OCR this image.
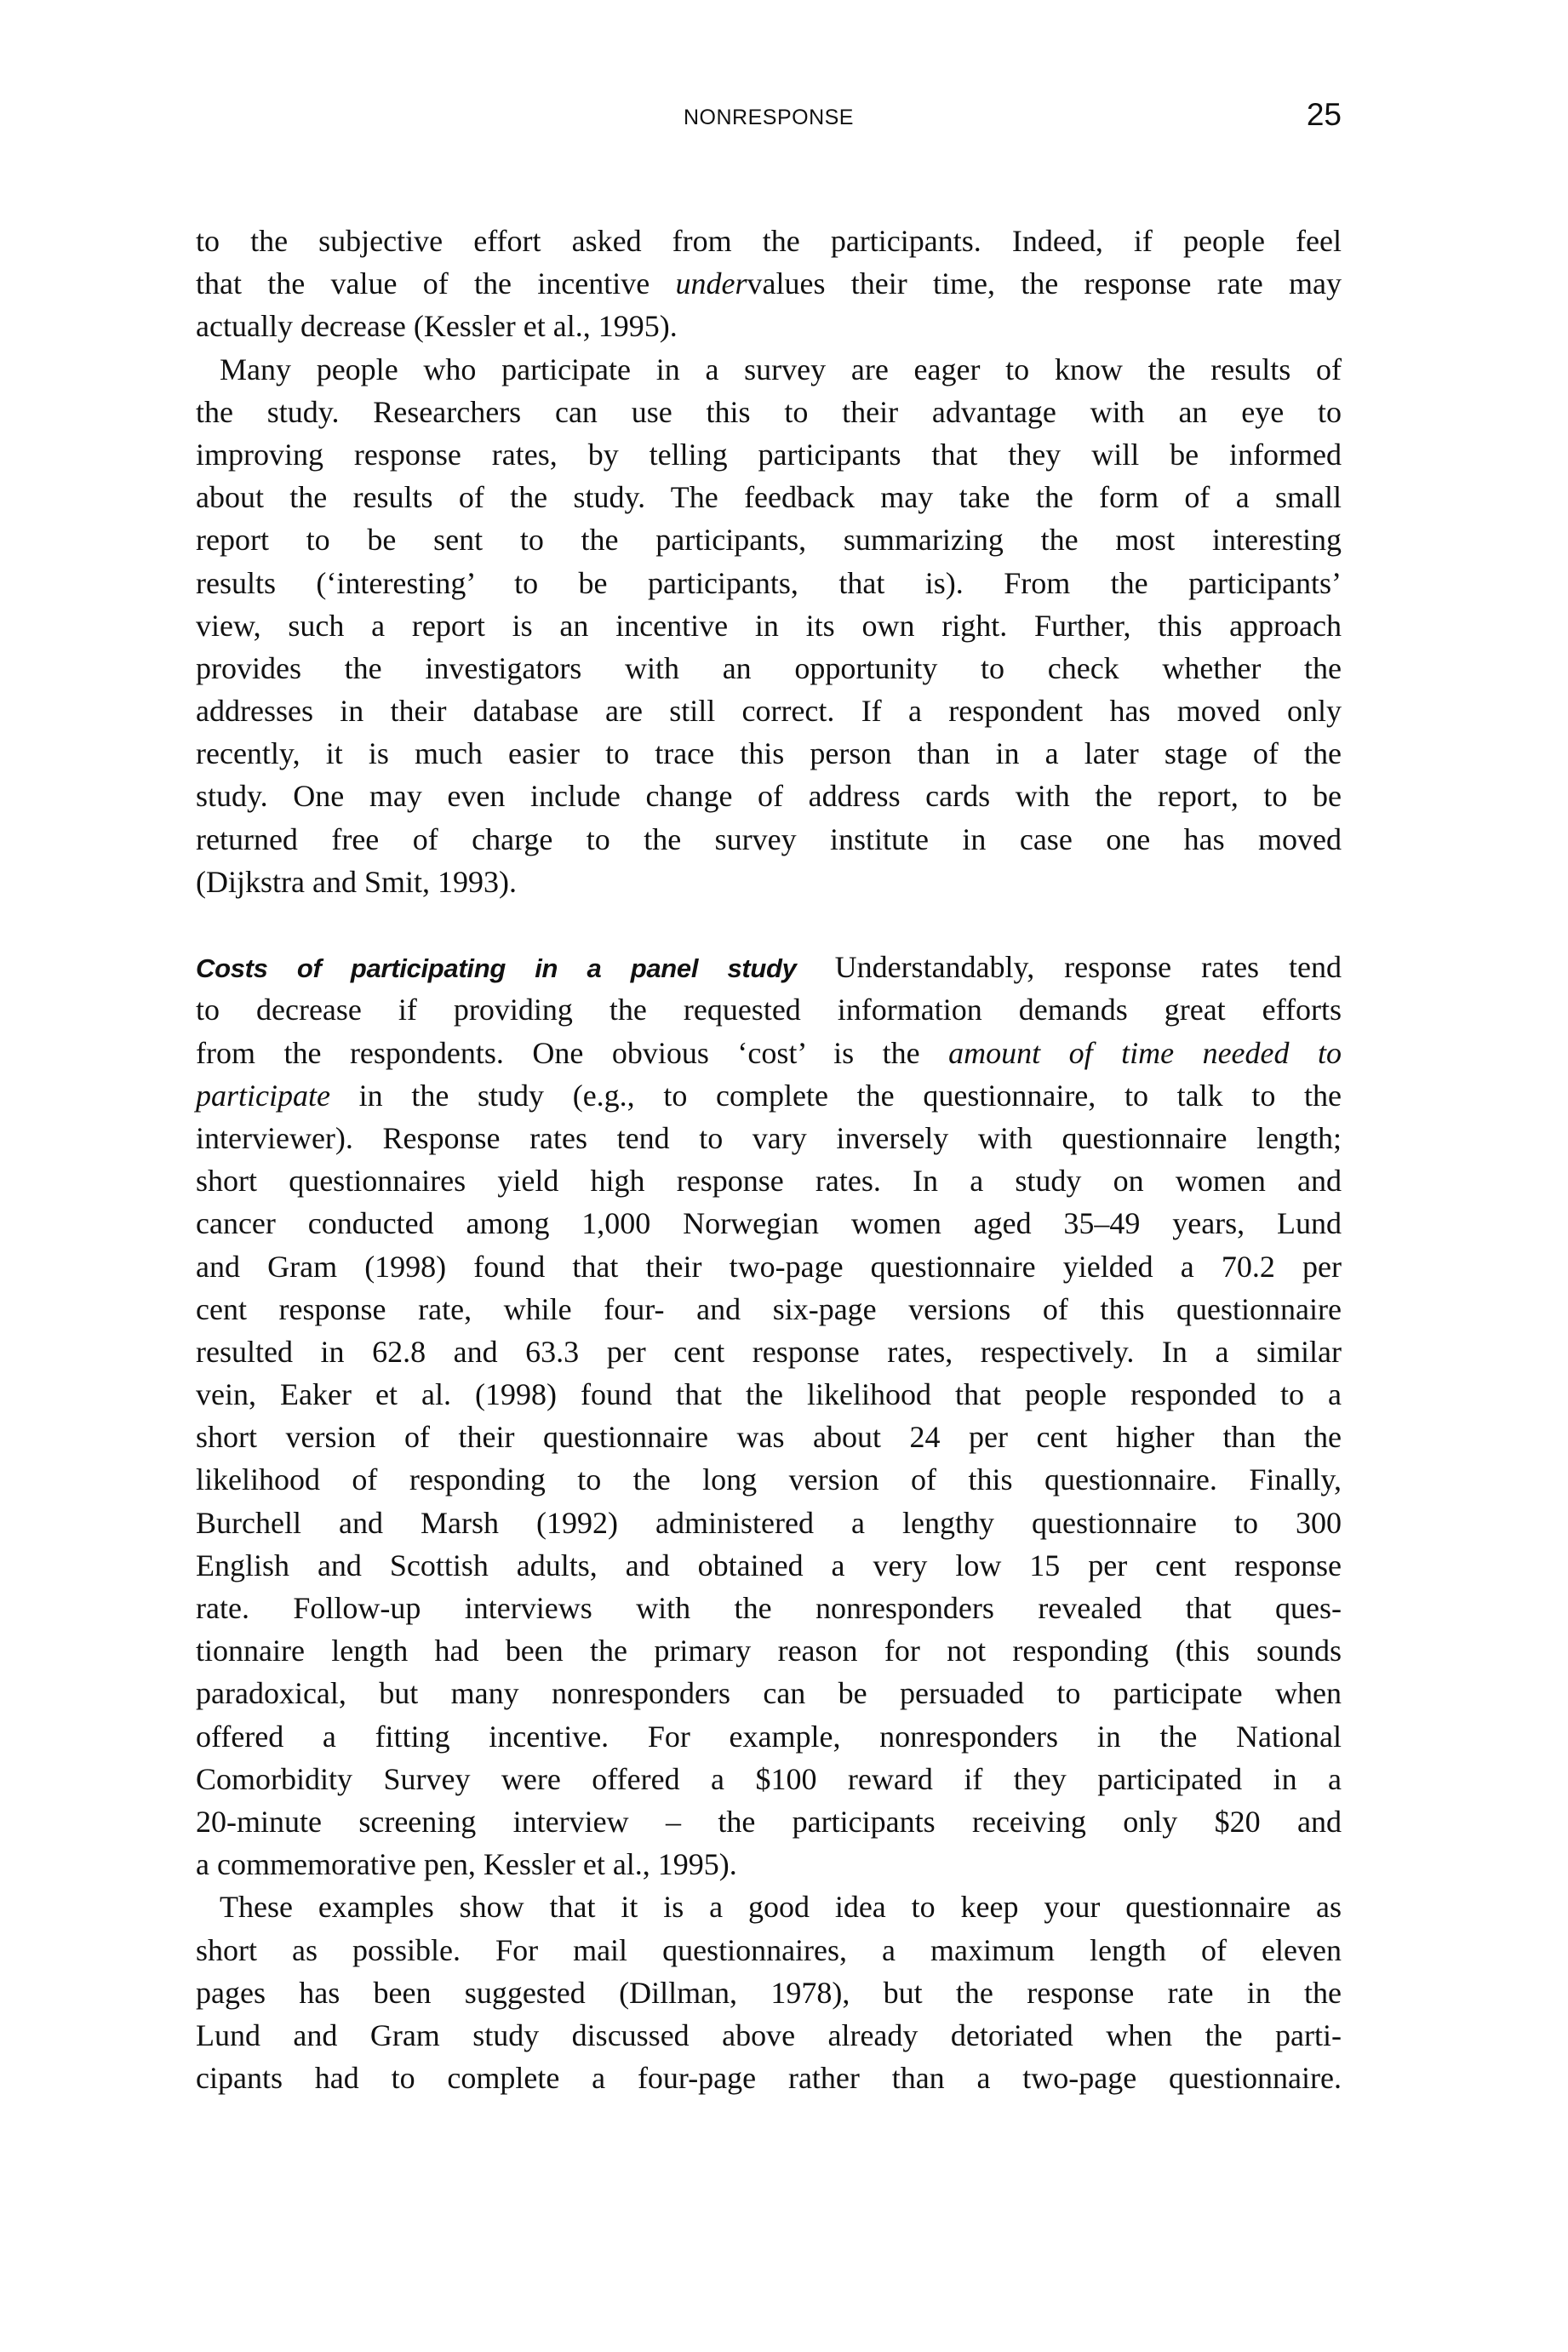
NONRESPONSE	25
to the subjective effort asked from the participants. Indeed, if people feel
that the value of the incentive undervalues their time, the response rate may
actually decrease (Kessler et al., 1995).
Many people who participate in a survey are eager to know the results of
the study. Researchers can use this to their advantage with an eye to
improving response rates, by telling participants that they will be informed
about the results of the study. The feedback may take the form of a small
report to be sent to the participants, summarizing the most interesting
results (‘interesting’ to be participants, that is). From the participants’
view, such a report is an incentive in its own right. Further, this approach
provides the investigators with an opportunity to check whether the
addresses in their database are still correct. If a respondent has moved only
recently, it is much easier to trace this person than in a later stage of the
study. One may even include change of address cards with the report, to be
returned free of charge to the survey institute in case one has moved
(Dijkstra and Smit, 1993).
Costs of participating in a panel study Understandably, response rates tend
to decrease if providing the requested information demands great efforts
from the respondents. One obvious ‘cost’ is the amount of time needed to
participate in the study (e.g., to complete the questionnaire, to talk to the
interviewer). Response rates tend to vary inversely with questionnaire length;
short questionnaires yield high response rates. In a study on women and
cancer conducted among 1,000 Norwegian women aged 35–49 years, Lund
and Gram (1998) found that their two-page questionnaire yielded a 70.2 per
cent response rate, while four- and six-page versions of this questionnaire
resulted in 62.8 and 63.3 per cent response rates, respectively. In a similar
vein, Eaker et al. (1998) found that the likelihood that people responded to a
short version of their questionnaire was about 24 per cent higher than the
likelihood of responding to the long version of this questionnaire. Finally,
Burchell and Marsh (1992) administered a lengthy questionnaire to 300
English and Scottish adults, and obtained a very low 15 per cent response
rate. Follow-up interviews with the nonresponders revealed that ques-
tionnaire length had been the primary reason for not responding (this sounds
paradoxical, but many nonresponders can be persuaded to participate when
offered a fitting incentive. For example, nonresponders in the National
Comorbidity Survey were offered a $100 reward if they participated in a
20-minute screening interview – the participants receiving only $20 and
a commemorative pen, Kessler et al., 1995).
These examples show that it is a good idea to keep your questionnaire as
short as possible. For mail questionnaires, a maximum length of eleven
pages has been suggested (Dillman, 1978), but the response rate in the
Lund and Gram study discussed above already detoriated when the parti-
cipants had to complete a four-page rather than a two-page questionnaire.
